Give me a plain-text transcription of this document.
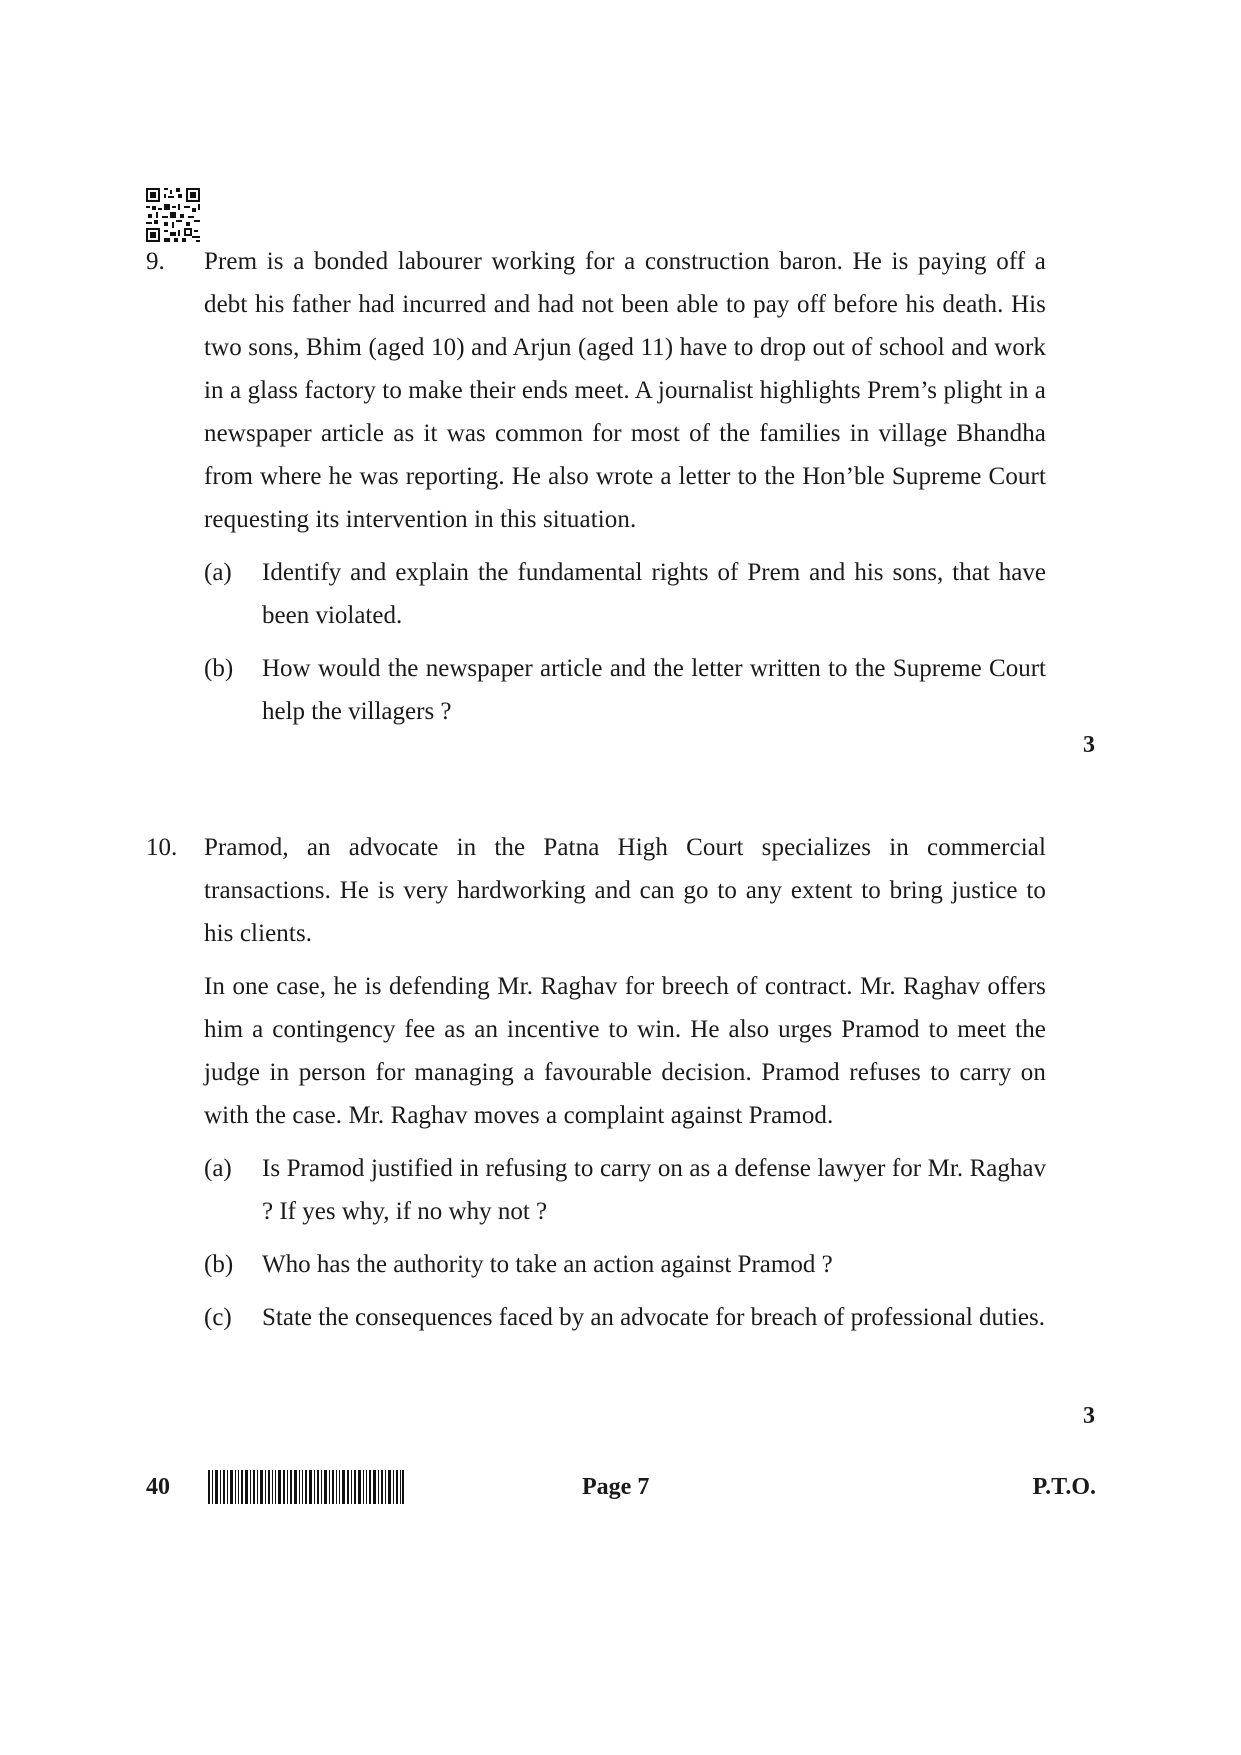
9. Prem is a bonded labourer working for a construction baron. He is paying off a debt his father had incurred and had not been able to pay off before his death. His two sons, Bhim (aged 10) and Arjun (aged 11) have to drop out of school and work in a glass factory to make their ends meet. A journalist highlights Prem’s plight in a newspaper article as it was common for most of the families in village Bhandha from where he was reporting. He also wrote a letter to the Hon’ble Supreme Court requesting its intervention in this situation.

(a) Identify and explain the fundamental rights of Prem and his sons, that have been violated.
(b) How would the newspaper article and the letter written to the Supreme Court help the villagers ?
3
10. Pramod, an advocate in the Patna High Court specializes in commercial transactions. He is very hardworking and can go to any extent to bring justice to his clients.

In one case, he is defending Mr. Raghav for breech of contract. Mr. Raghav offers him a contingency fee as an incentive to win. He also urges Pramod to meet the judge in person for managing a favourable decision. Pramod refuses to carry on with the case. Mr. Raghav moves a complaint against Pramod.

(a) Is Pramod justified in refusing to carry on as a defense lawyer for Mr. Raghav ? If yes why, if no why not ?
(b) Who has the authority to take an action against Pramod ?
(c) State the consequences faced by an advocate for breach of professional duties.
3
40	Page 7	P.T.O.
